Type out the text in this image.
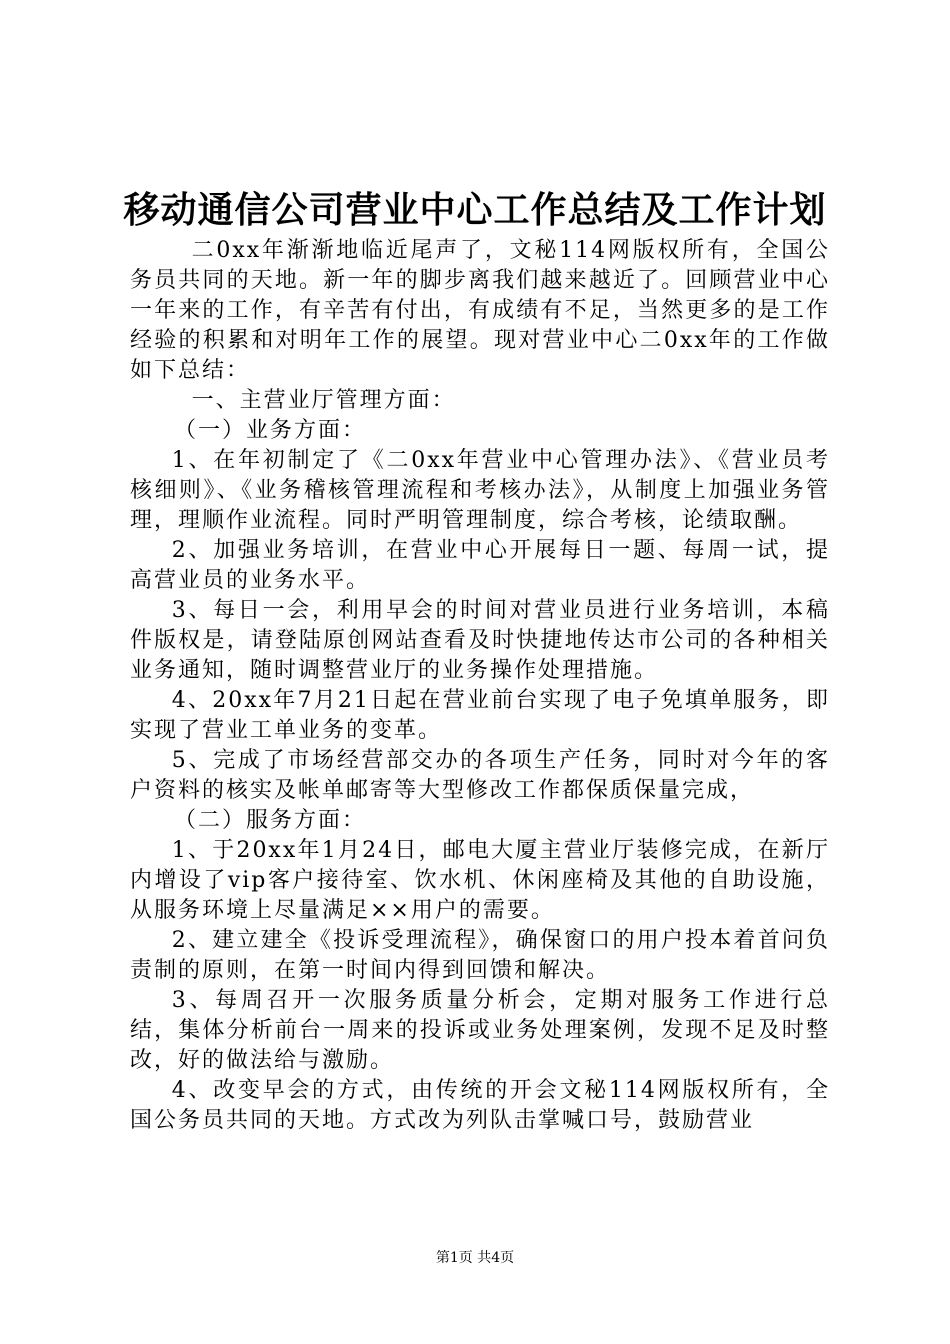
移动通信公司营业中心工作总结及工作计划

二0xx年渐渐地临近尾声了，文秘114网版权所有，全国公务员共同的天地。新一年的脚步离我们越来越近了。回顾营业中心一年来的工作，有辛苦有付出，有成绩有不足，当然更多的是工作经验的积累和对明年工作的展望。现对营业中心二0xx年的工作做如下总结：

一、主营业厅管理方面：

（一）业务方面：

1、在年初制定了《二0xx年营业中心管理办法》、《营业员考核细则》、《业务稽核管理流程和考核办法》，从制度上加强业务管理，理顺作业流程。同时严明管理制度，综合考核，论绩取酬。

2、加强业务培训，在营业中心开展每日一题、每周一试，提高营业员的业务水平。

3、每日一会，利用早会的时间对营业员进行业务培训，本稿件版权是，请登陆原创网站查看及时快捷地传达市公司的各种相关业务通知，随时调整营业厅的业务操作处理措施。

4、20xx年7月21日起在营业前台实现了电子免填单服务，即实现了营业工单业务的变革。

5、完成了市场经营部交办的各项生产任务，同时对今年的客户资料的核实及帐单邮寄等大型修改工作都保质保量完成，

（二）服务方面：

1、于20xx年1月24日，邮电大厦主营业厅装修完成，在新厅内增设了vip客户接待室、饮水机、休闲座椅及其他的自助设施，从服务环境上尽量满足××用户的需要。

2、建立建全《投诉受理流程》，确保窗口的用户投本着首问负责制的原则，在第一时间内得到回馈和解决。

3、每周召开一次服务质量分析会，定期对服务工作进行总结，集体分析前台一周来的投诉或业务处理案例，发现不足及时整改，好的做法给与激励。

4、改变早会的方式，由传统的开会文秘114网版权所有，全国公务员共同的天地。方式改为列队击掌喊口号，鼓励营业

第1页 共4页
